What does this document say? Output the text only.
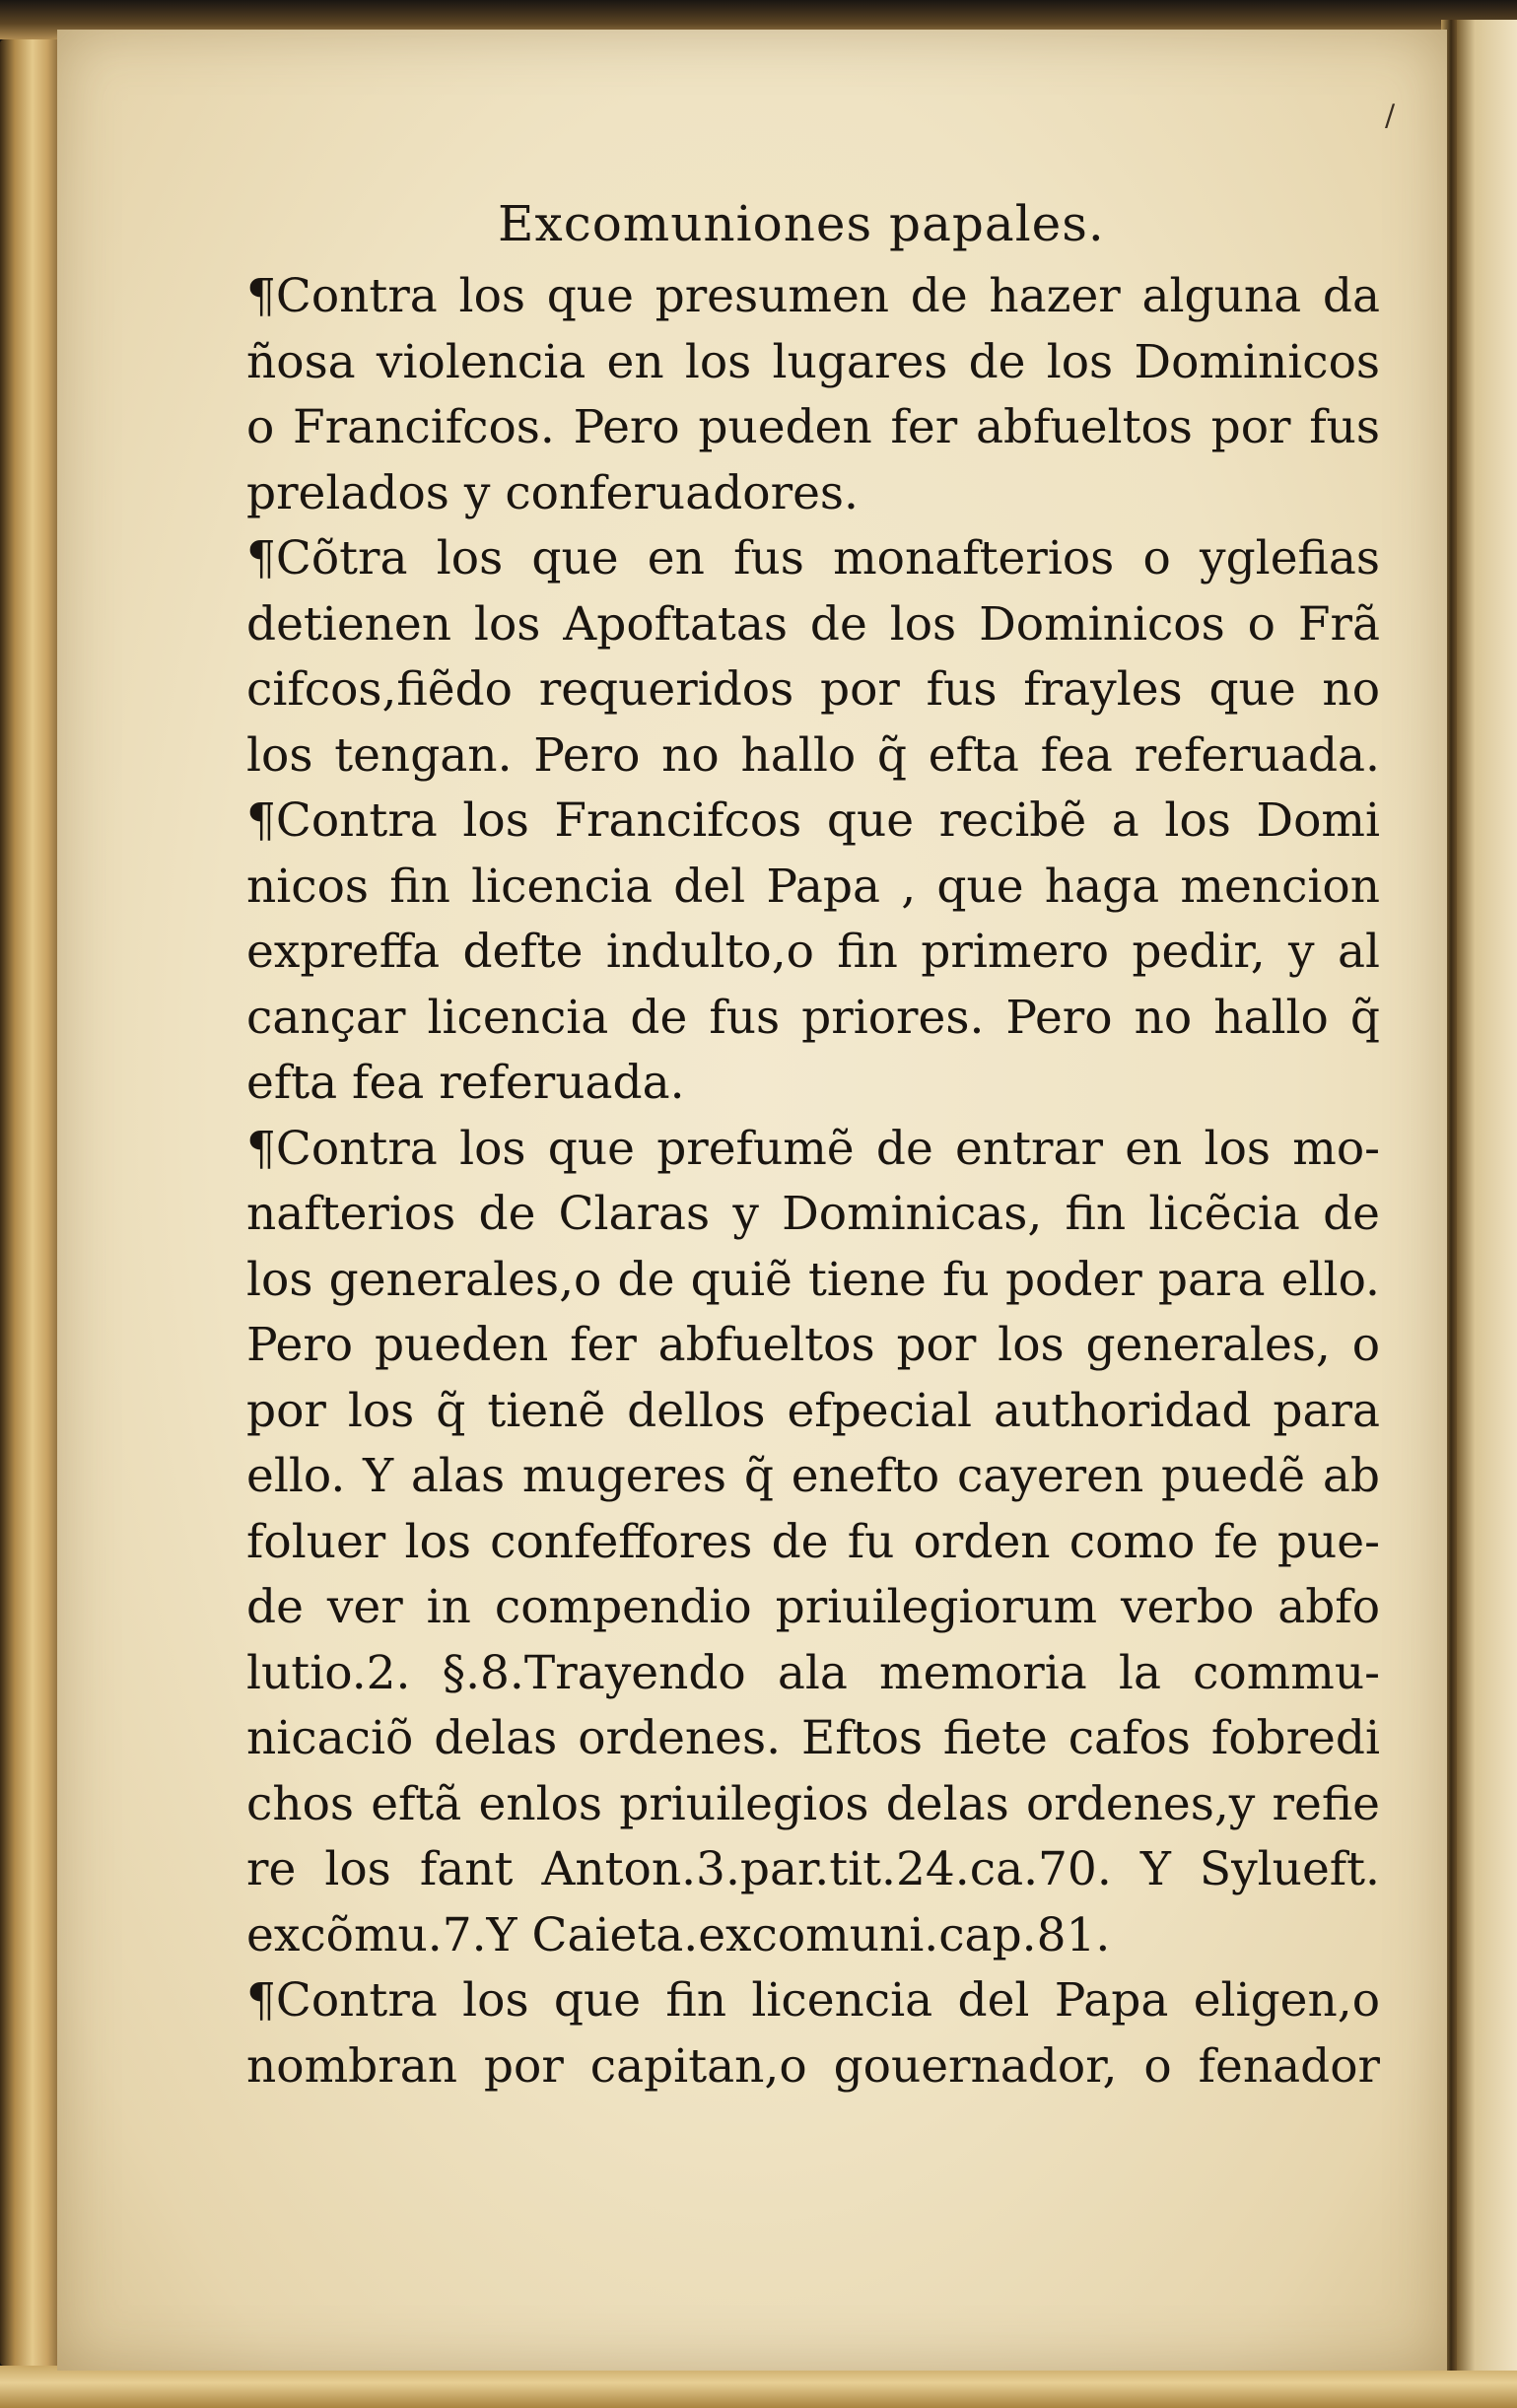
/
Excomuniones papales.
¶Contra los que presumen de hazer alguna da
ñosa violencia en los lugares de los Dominicos
o Francifcos. Pero pueden fer abfueltos por fus
prelados y conferuadores.
¶Cõtra los que en fus monafterios o yglefias
detienen los Apoftatas de los Dominicos o Frã
cifcos,fiẽdo requeridos por fus frayles que no
los tengan. Pero no hallo q̃ efta fea referuada.
¶Contra los Francifcos que recibẽ a los Domi
nicos fin licencia del Papa , que haga mencion
expreffa defte indulto,o fin primero pedir, y al
cançar licencia de fus priores. Pero no hallo q̃
efta fea referuada.
¶Contra los que prefumẽ de entrar en los mo-
nafterios de Claras y Dominicas, fin licẽcia de
los generales,o de quiẽ tiene fu poder para ello.
Pero pueden fer abfueltos por los generales, o
por los q̃ tienẽ dellos efpecial authoridad para
ello. Y alas mugeres q̃ enefto cayeren puedẽ ab
foluer los confeffores de fu orden como fe pue-
de ver in compendio priuilegiorum verbo abfo
lutio.2. §.8.Trayendo ala memoria la commu-
nicaciõ delas ordenes. Eftos fiete cafos fobredi
chos eftã enlos priuilegios delas ordenes,y refie
re los fant Anton.3.par.tit.24.ca.70. Y Sylueft.
excõmu.7.Y Caieta.excomuni.cap.81.
¶Contra los que fin licencia del Papa eligen,o
nombran por capitan,o gouernador, o fenador
